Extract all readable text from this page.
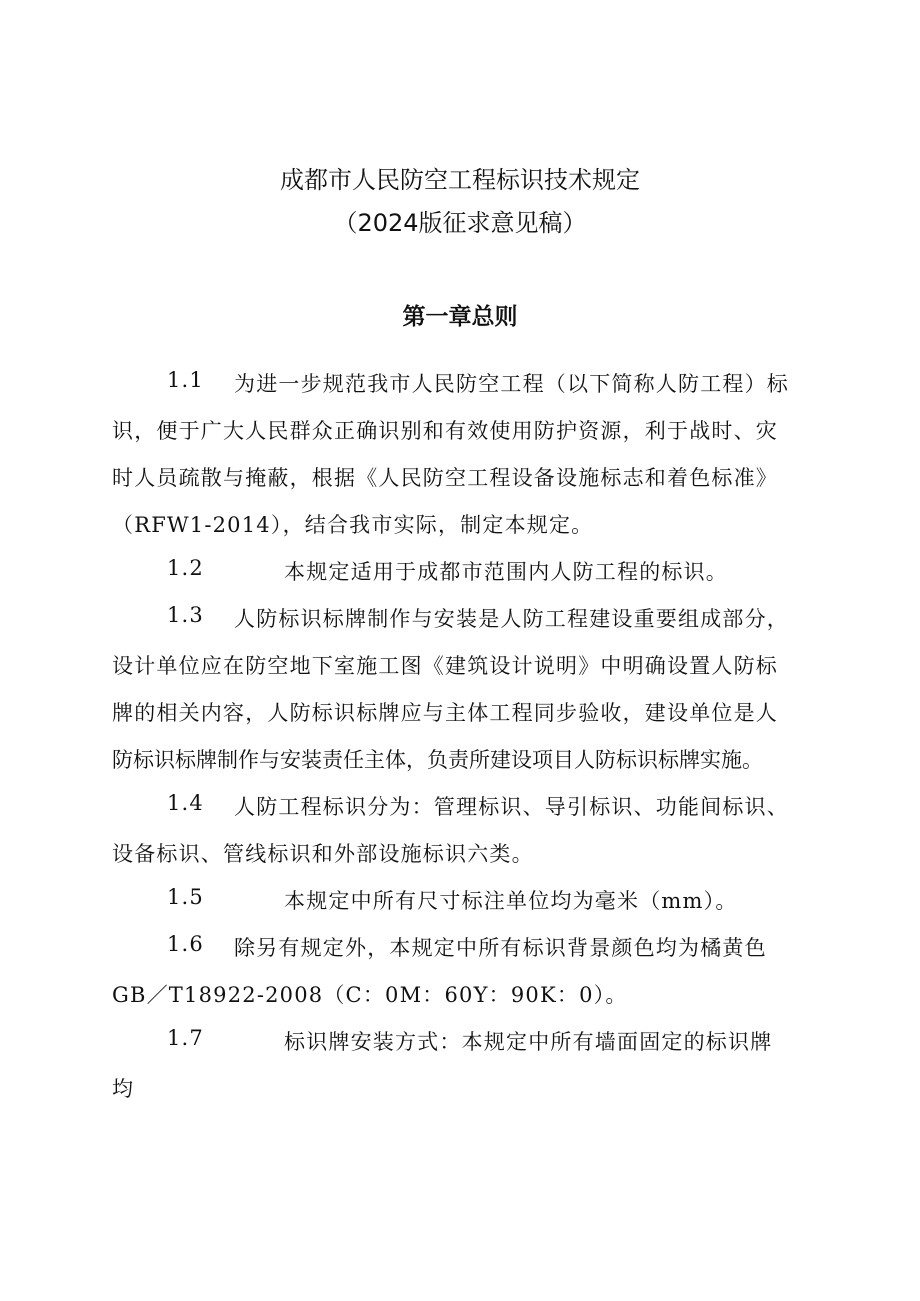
成都市人民防空工程标识技术规定
（2024版征求意见稿）
第一章总则
1.1 为进一步规范我市人民防空工程（以下简称人防工程）标
识，便于广大人民群众正确识别和有效使用防护资源，利于战时、灾
时人员疏散与掩蔽，根据《人民防空工程设备设施标志和着色标准》
（RFW1-2014），结合我市实际，制定本规定。
1.2	本规定适用于成都市范围内人防工程的标识。
1.3 人防标识标牌制作与安装是人防工程建设重要组成部分，
设计单位应在防空地下室施工图《建筑设计说明》中明确设置人防标
牌的相关内容，人防标识标牌应与主体工程同步验收，建设单位是人
防标识标牌制作与安装责任主体，负责所建设项目人防标识标牌实施。
1.4 人防工程标识分为：管理标识、导引标识、功能间标识、
设备标识、管线标识和外部设施标识六类。
1.5	本规定中所有尺寸标注单位均为毫米（mm）。
1.6 除另有规定外，本规定中所有标识背景颜色均为橘黄色
GB／T18922-2008（C：0M：60Y：90K：0）。
1.7	标识牌安装方式：本规定中所有墙面固定的标识牌
均
